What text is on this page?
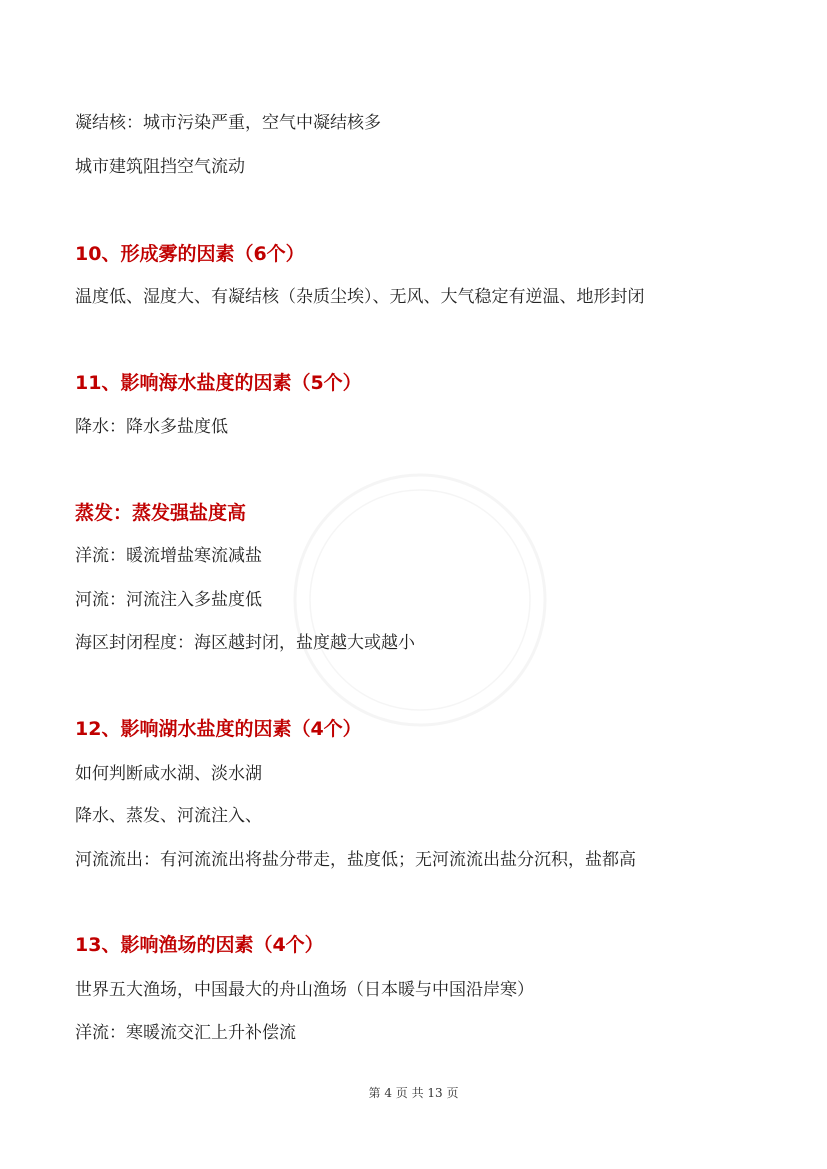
凝结核：城市污染严重，空气中凝结核多
城市建筑阻挡空气流动
10、形成雾的因素（6个）
温度低、湿度大、有凝结核（杂质尘埃）、无风、大气稳定有逆温、地形封闭
11、影响海水盐度的因素（5个）
降水：降水多盐度低
蒸发：蒸发强盐度高
洋流：暖流增盐寒流减盐
河流：河流注入多盐度低
海区封闭程度：海区越封闭，盐度越大或越小
12、影响湖水盐度的因素（4个）
如何判断咸水湖、淡水湖
降水、蒸发、河流注入、
河流流出：有河流流出将盐分带走，盐度低；无河流流出盐分沉积，盐都高
13、影响渔场的因素（4个）
世界五大渔场，中国最大的舟山渔场（日本暖与中国沿岸寒）
洋流：寒暖流交汇上升补偿流
第 4 页 共 13 页
